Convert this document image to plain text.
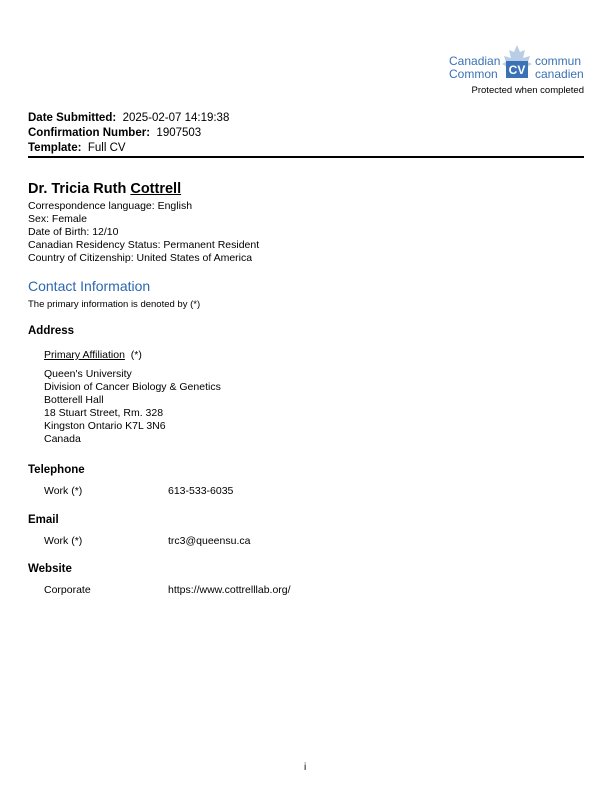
Canadian
Common CV
commun
canadien
Protected when completed
Date Submitted: 2025-02-07 14:19:38
Confirmation Number: 1907503
Template: Full CV
Dr. Tricia Ruth Cottrell
Correspondence language: English
Sex: Female
Date of Birth: 12/10
Canadian Residency Status: Permanent Resident
Country of Citizenship: United States of America
Contact Information
The primary information is denoted by (*)
Address
Primary Affiliation (*)
Queen's University
Division of Cancer Biology & Genetics
Botterell Hall
18 Stuart Street, Rm. 328
Kingston Ontario K7L 3N6
Canada
Telephone
Work (*)	613-533-6035
Email
Work (*)	trc3@queensu.ca
Website
Corporate	https://www.cottrelllab.org/
i
